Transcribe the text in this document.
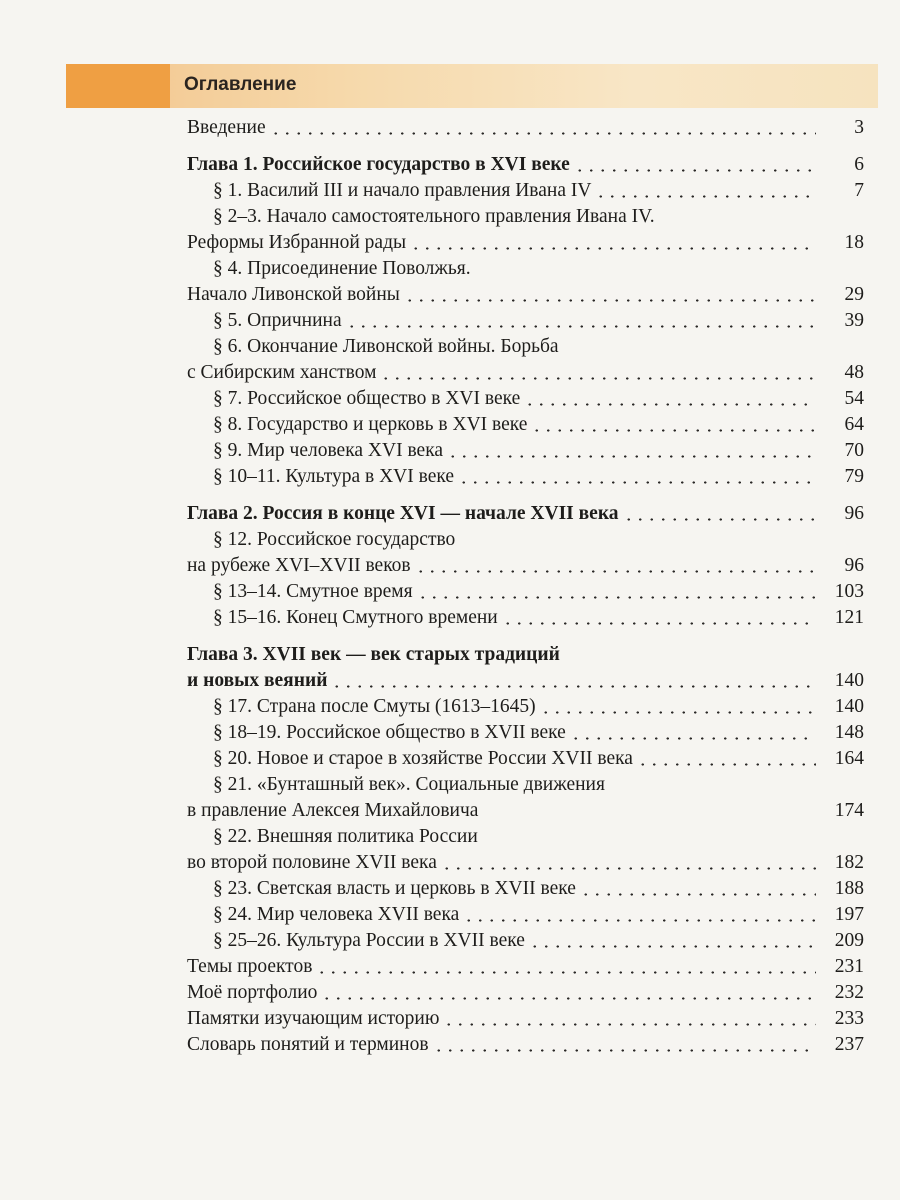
Оглавление
Введение	3
Глава 1. Российское государство в XVI веке	6
§ 1. Василий III и начало правления Ивана IV	7
§ 2–3. Начало самостоятельного правления Ивана IV.
Реформы Избранной рады	18
§ 4. Присоединение Поволжья.
Начало Ливонской войны	29
§ 5. Опричнина	39
§ 6. Окончание Ливонской войны. Борьба
с Сибирским ханством	48
§ 7. Российское общество в XVI веке	54
§ 8. Государство и церковь в XVI веке	64
§ 9. Мир человека XVI века	70
§ 10–11. Культура в XVI веке	79
Глава 2. Россия в конце XVI — начале XVII века	96
§ 12. Российское государство
на рубеже XVI–XVII веков	96
§ 13–14. Смутное время	103
§ 15–16. Конец Смутного времени	121
Глава 3. XVII век — век старых традиций
и новых веяний	140
§ 17. Страна после Смуты (1613–1645)	140
§ 18–19. Российское общество в XVII веке	148
§ 20. Новое и старое в хозяйстве России XVII века	164
§ 21. «Бунташный век». Социальные движения
в правление Алексея Михайловича	174
§ 22. Внешняя политика России
во второй половине XVII века	182
§ 23. Светская власть и церковь в XVII веке	188
§ 24. Мир человека XVII века	197
§ 25–26. Культура России в XVII веке	209
Темы проектов	231
Моё портфолио	232
Памятки изучающим историю	233
Словарь понятий и терминов	237
